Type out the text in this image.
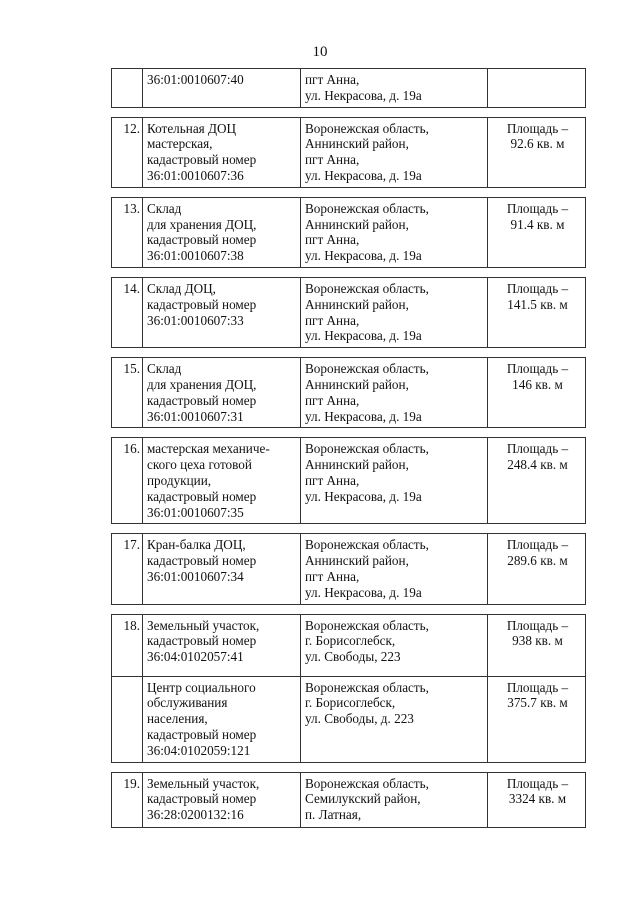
10

	36:01:0010607:40	пгт Анна,
ул. Некрасова, д. 19а	

12.	Котельная ДОЦ
мастерская,
кадастровый номер
36:01:0010607:36	Воронежская область,
Аннинский район,
пгт Анна,
ул. Некрасова, д. 19а	Площадь –
92.6 кв. м

13.	Склад
для хранения ДОЦ,
кадастровый номер
36:01:0010607:38	Воронежская область,
Аннинский район,
пгт Анна,
ул. Некрасова, д. 19а	Площадь –
91.4 кв. м

14.	Склад ДОЦ,
кадастровый номер
36:01:0010607:33	Воронежская область,
Аннинский район,
пгт Анна,
ул. Некрасова, д. 19а	Площадь –
141.5 кв. м

15.	Склад
для хранения ДОЦ,
кадастровый номер
36:01:0010607:31	Воронежская область,
Аннинский район,
пгт Анна,
ул. Некрасова, д. 19а	Площадь –
146 кв. м

16.	мастерская механиче-
ского цеха готовой
продукции,
кадастровый номер
36:01:0010607:35	Воронежская область,
Аннинский район,
пгт Анна,
ул. Некрасова, д. 19а	Площадь –
248.4 кв. м

17.	Кран-балка ДОЦ,
кадастровый номер
36:01:0010607:34	Воронежская область,
Аннинский район,
пгт Анна,
ул. Некрасова, д. 19а	Площадь –
289.6 кв. м

18.	Земельный участок,
кадастровый номер
36:04:0102057:41	Воронежская область,
г. Борисоглебск,
ул. Свободы, 223	Площадь –
938 кв. м

	Центр социального
обслуживания
населения,
кадастровый номер
36:04:0102059:121	Воронежская область,
г. Борисоглебск,
ул. Свободы, д. 223	Площадь –
375.7 кв. м

19.	Земельный участок,
кадастровый номер
36:28:0200132:16	Воронежская область,
Семилукский район,
п. Латная,	Площадь –
3324 кв. м
